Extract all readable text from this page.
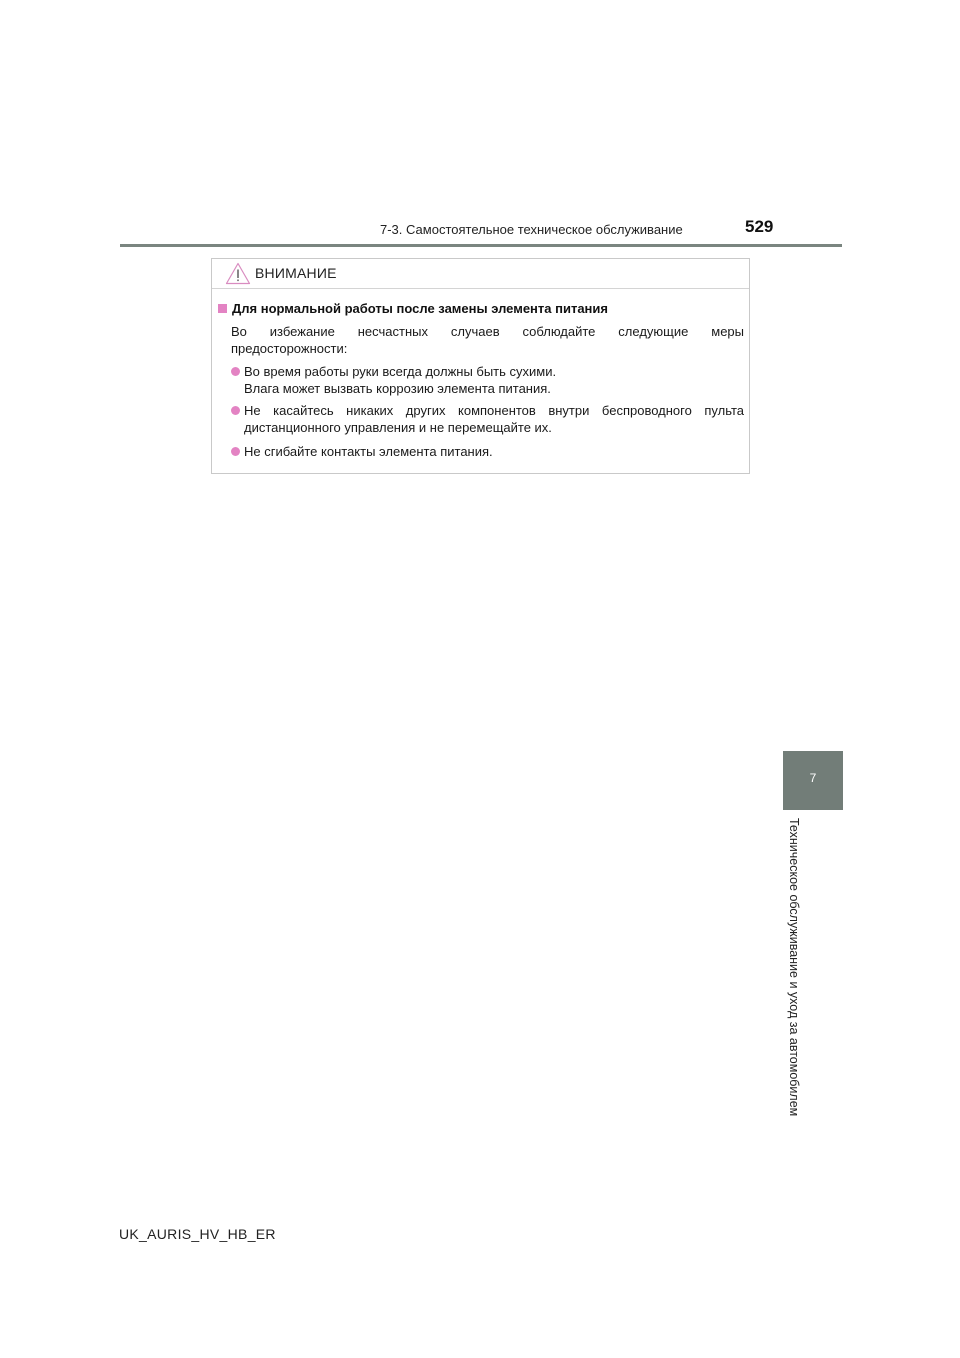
7-3. Самостоятельное техническое обслуживание	529
ВНИМАНИЕ
Для нормальной работы после замены элемента питания
Во избежание несчастных случаев соблюдайте следующие меры
предосторожности:
Во время работы руки всегда должны быть сухими.
Влага может вызвать коррозию элемента питания.
Не касайтесь никаких других компонентов внутри беспроводного пульта
дистанционного управления и не перемещайте их.
Не сгибайте контакты элемента питания.
7
Техническое обслуживание и уход за автомобилем
UK_AURIS_HV_HB_ER
